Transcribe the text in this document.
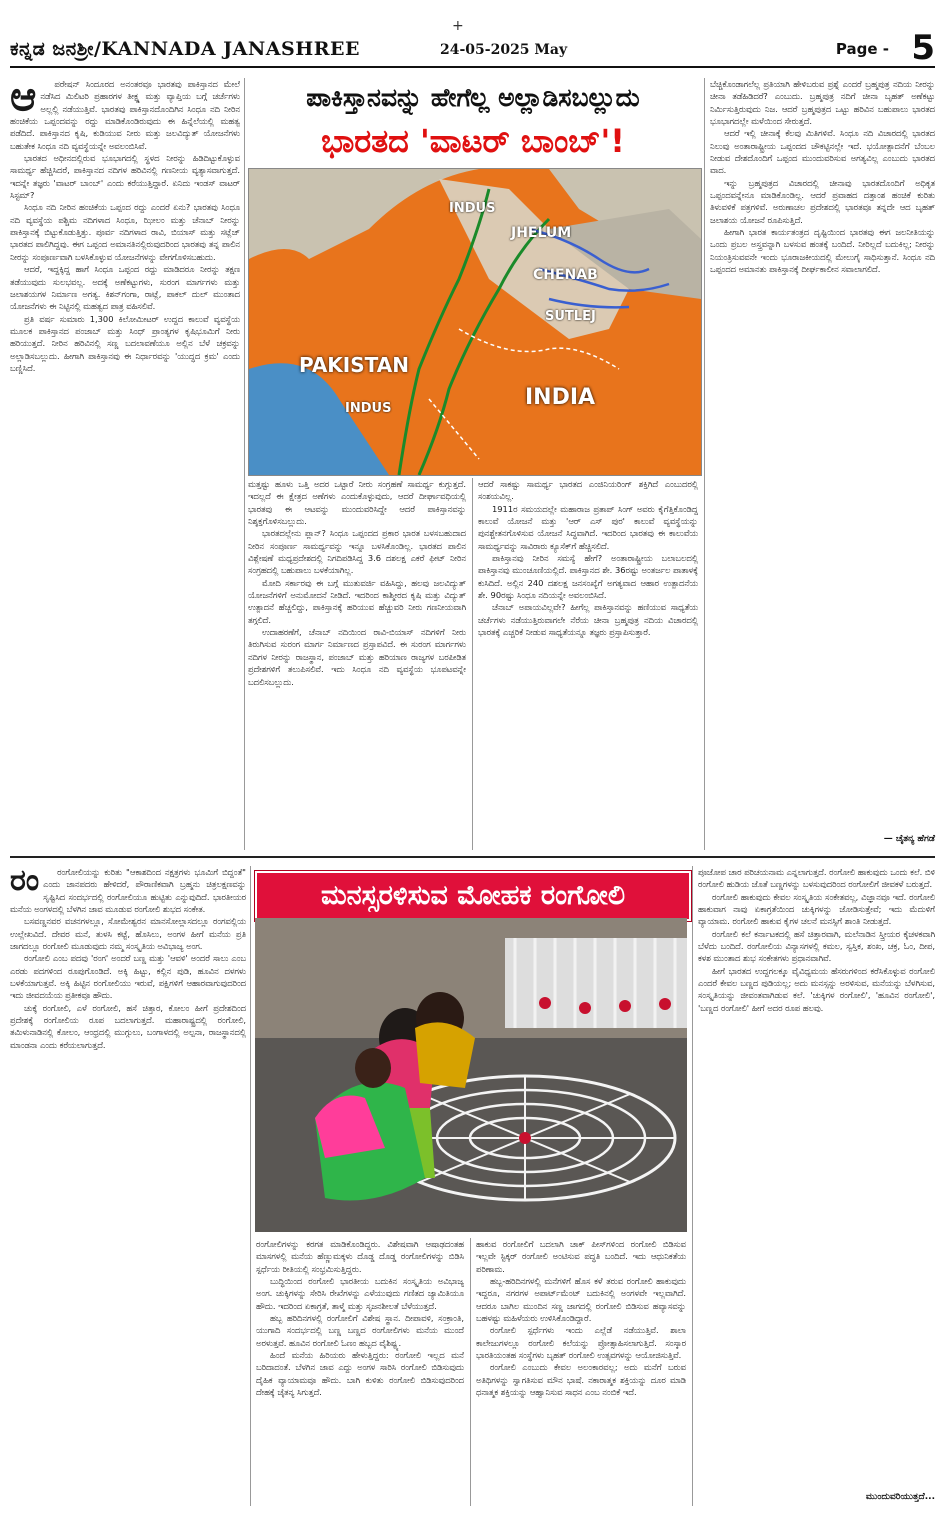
+
ಕನ್ನಡ ಜನಶ್ರೀ/KANNADA JANASHREE	24-05-2025 May	Page - 5
ಆ	ಪರೇಷನ್ ಸಿಂದೂರದ ಅನಂತರವೂ ಭಾರತವು ಪಾಕಿಸ್ತಾನದ ಮೇಲೆ ನಡೆಸಿದ ಮಿಲಿಟರಿ ಪ್ರಹಾರಗಳ ತೀಕ್ಷ್ಣ ಮತ್ತು ವ್ಯಾಪ್ತಿಯ ಬಗ್ಗೆ ಚರ್ಚೆಗಳು ಅಲ್ಲಲ್ಲಿ ನಡೆಯುತ್ತಿವೆ. ಭಾರತವು ಪಾಕಿಸ್ತಾನದೊಂದಿಗಿನ ಸಿಂಧೂ ನದಿ ನೀರಿನ ಹಂಚಿಕೆಯ ಒಪ್ಪಂದವನ್ನು ರದ್ದು ಮಾಡಿಕೊಂಡಿರುವುದು ಈ ಹಿನ್ನೆಲೆಯಲ್ಲಿ ಮಹತ್ವ ಪಡೆದಿದೆ. ಪಾಕಿಸ್ತಾನದ ಕೃಷಿ, ಕುಡಿಯುವ ನೀರು ಮತ್ತು ಜಲವಿದ್ಯುತ್ ಯೋಜನೆಗಳು ಬಹುತೇಕ ಸಿಂಧೂ ನದಿ ವ್ಯವಸ್ಥೆಯನ್ನೇ ಅವಲಂಬಿಸಿವೆ.

ಭಾರತದ ಅಧೀನದಲ್ಲಿರುವ ಭೂಭಾಗದಲ್ಲಿ ಸ್ಥಳದ ನೀರನ್ನು ಹಿಡಿದಿಟ್ಟುಕೊಳ್ಳುವ ಸಾಮರ್ಥ್ಯ ಹೆಚ್ಚಿಸಿದರೆ, ಪಾಕಿಸ್ತಾನದ ನದಿಗಳ ಹರಿವಿನಲ್ಲಿ ಗಣನೀಯ ವ್ಯತ್ಯಾಸವಾಗುತ್ತದೆ. ಇದನ್ನೇ ತಜ್ಞರು 'ವಾಟರ್ ಬಾಂಬ್' ಎಂದು ಕರೆಯುತ್ತಿದ್ದಾರೆ. ಏನಿದು ಇಂಡಸ್ ವಾಟರ್ ಸಿಸ್ಟಮ್?

ಸಿಂಧೂ ನದಿ ನೀರಿನ ಹಂಚಿಕೆಯ ಒಪ್ಪಂದ ರದ್ದು ಎಂದರೆ ಏನು? ಭಾರತವು ಸಿಂಧೂ ನದಿ ವ್ಯವಸ್ಥೆಯ ಪಶ್ಚಿಮ ನದಿಗಳಾದ ಸಿಂಧೂ, ಝೀಲಂ ಮತ್ತು ಚೆನಾಬ್ ನೀರನ್ನು ಪಾಕಿಸ್ತಾನಕ್ಕೆ ಬಿಟ್ಟುಕೊಡುತ್ತಿತ್ತು. ಪೂರ್ವ ನದಿಗಳಾದ ರಾವಿ, ಬಿಯಾಸ್ ಮತ್ತು ಸಟ್ಲೆಜ್ ಭಾರತದ ಪಾಲಿಗಿದ್ದವು. ಈಗ ಒಪ್ಪಂದ ಅಮಾನತಿನಲ್ಲಿರುವುದರಿಂದ ಭಾರತವು ತನ್ನ ಪಾಲಿನ ನೀರನ್ನು ಸಂಪೂರ್ಣವಾಗಿ ಬಳಸಿಕೊಳ್ಳುವ ಯೋಜನೆಗಳನ್ನು ವೇಗಗೊಳಿಸಬಹುದು.

ಆದರೆ, ಇದ್ದಕ್ಕಿದ್ದ ಹಾಗೆ ಸಿಂಧೂ ಒಪ್ಪಂದ ರದ್ದು ಮಾಡಿದರೂ ನೀರನ್ನು ತಕ್ಷಣ ತಡೆಯುವುದು ಸುಲಭವಲ್ಲ. ಅದಕ್ಕೆ ಅಣೆಕಟ್ಟುಗಳು, ಸುರಂಗ ಮಾರ್ಗಗಳು ಮತ್ತು ಜಲಾಶಯಗಳ ನಿರ್ಮಾಣ ಅಗತ್ಯ. ಕಿಶನ್‌ಗಂಗಾ, ರಾಟ್ಲೆ, ಪಾಕಲ್ ದುಲ್ ಮುಂತಾದ ಯೋಜನೆಗಳು ಈ ನಿಟ್ಟಿನಲ್ಲಿ ಮಹತ್ವದ ಪಾತ್ರ ವಹಿಸಲಿವೆ.

ಪ್ರತಿ ವರ್ಷ ಸುಮಾರು 1,300 ಕಿಲೋಮೀಟರ್ ಉದ್ದದ ಕಾಲುವೆ ವ್ಯವಸ್ಥೆಯ ಮೂಲಕ ಪಾಕಿಸ್ತಾನದ ಪಂಜಾಬ್ ಮತ್ತು ಸಿಂಧ್ ಪ್ರಾಂತ್ಯಗಳ ಕೃಷಿಭೂಮಿಗೆ ನೀರು ಹರಿಯುತ್ತದೆ. ನೀರಿನ ಹರಿವಿನಲ್ಲಿ ಸಣ್ಣ ಬದಲಾವಣೆಯೂ ಅಲ್ಲಿನ ಬೆಳೆ ಚಕ್ರವನ್ನು ಅಲ್ಲಾಡಿಸಬಲ್ಲುದು. ಹೀಗಾಗಿ ಪಾಕಿಸ್ತಾನವು ಈ ನಿರ್ಧಾರವನ್ನು 'ಯುದ್ಧದ ಕ್ರಮ' ಎಂದು ಬಣ್ಣಿಸಿದೆ.

ಪಾಕಿಸ್ತಾನವನ್ನು ಹೇಗೆಲ್ಲ ಅಲ್ಲಾಡಿಸಬಲ್ಲುದು
ಭಾರತದ 'ವಾಟರ್ ಬಾಂಬ್'!
INDUS
JHELUM
CHENAB
SUTLEJ
PAKISTAN
INDUS	INDIA

ಮತ್ತಷ್ಟು ಹೂಳು ಒತ್ತಿ ಅದರ ಒಟ್ಟಾರೆ ನೀರು ಸಂಗ್ರಹಣೆ ಸಾಮರ್ಥ್ಯ ಕುಗ್ಗುತ್ತದೆ. ಇದಲ್ಲದೆ ಈ ಕ್ಷೇತ್ರದ ಅಣೆಗಳು ಎಂದುಕೊಳ್ಳುವುದು, ಆದರೆ ದೀರ್ಘಾವಧಿಯಲ್ಲಿ ಭಾರತವು ಈ ಆಟವನ್ನು ಮುಂದುವರಿಸಿದ್ದೇ ಆದರೆ ಪಾಕಿಸ್ತಾನವನ್ನು ನಿಶ್ಶಕ್ತಗೊಳಿಸಬಲ್ಲುದು.

ಭಾರತದಲ್ಲೇನು ಪ್ಲಾನ್? ಸಿಂಧೂ ಒಪ್ಪಂದದ ಪ್ರಕಾರ ಭಾರತ ಬಳಸಬಹುದಾದ ನೀರಿನ ಸಂಪೂರ್ಣ ಸಾಮರ್ಥ್ಯವನ್ನು ಇನ್ನೂ ಬಳಸಿಕೊಂಡಿಲ್ಲ. ಭಾರತದ ಪಾಲಿನ ವಿಶ್ಲೇಷಣೆ ಮಧ್ಯಪ್ರದೇಶದಲ್ಲಿ ನಿಗದಿಪಡಿಸಿದ್ದ 3.6 ದಶಲಕ್ಷ ಎಕರೆ ಫೀಟ್ ನೀರಿನ ಸಂಗ್ರಹದಲ್ಲಿ ಬಹುಪಾಲು ಬಳಕೆಯಾಗಿಲ್ಲ.

ಮೋದಿ ಸರ್ಕಾರವು ಈ ಬಗ್ಗೆ ಮುತುವರ್ಜಿ ವಹಿಸಿದ್ದು, ಹಲವು ಜಲವಿದ್ಯುತ್ ಯೋಜನೆಗಳಿಗೆ ಅನುಮೋದನೆ ನೀಡಿದೆ. ಇದರಿಂದ ಕಾಶ್ಮೀರದ ಕೃಷಿ ಮತ್ತು ವಿದ್ಯುತ್ ಉತ್ಪಾದನೆ ಹೆಚ್ಚಲಿದ್ದು, ಪಾಕಿಸ್ತಾನಕ್ಕೆ ಹರಿಯುವ ಹೆಚ್ಚುವರಿ ನೀರು ಗಣನೀಯವಾಗಿ ತಗ್ಗಲಿದೆ.

ಉದಾಹರಣೆಗೆ, ಚೆನಾಬ್ ನದಿಯಿಂದ ರಾವಿ-ಬಿಯಾಸ್ ನದಿಗಳಿಗೆ ನೀರು ತಿರುಗಿಸುವ ಸುರಂಗ ಮಾರ್ಗ ನಿರ್ಮಾಣದ ಪ್ರಸ್ತಾಪವಿದೆ. ಈ ಸುರಂಗ ಮಾರ್ಗಗಳು ನದಿಗಳ ನೀರನ್ನು ರಾಜಸ್ಥಾನ, ಪಂಜಾಬ್ ಮತ್ತು ಹರಿಯಾಣ ರಾಜ್ಯಗಳ ಬರಪೀಡಿತ ಪ್ರದೇಶಗಳಿಗೆ ತಲುಪಿಸಲಿವೆ. ಇದು ಸಿಂಧೂ ನದಿ ವ್ಯವಸ್ಥೆಯ ಭೂಪಟವನ್ನೇ ಬದಲಿಸಬಲ್ಲುದು.

ಆದರೆ ಸಾಕಷ್ಟು ಸಾಮರ್ಥ್ಯ ಭಾರತದ ಎಂಜಿನಿಯರಿಂಗ್ ಶಕ್ತಿಗಿದೆ ಎಂಬುದರಲ್ಲಿ ಸಂಶಯವಿಲ್ಲ.

1911ರ ಸಮಯದಲ್ಲೇ ಮಹಾರಾಜ ಪ್ರತಾಪ್ ಸಿಂಗ್ ಅವರು ಕೈಗೆತ್ತಿಕೊಂಡಿದ್ದ ಕಾಲುವೆ ಯೋಜನೆ ಮತ್ತು 'ಆರ್ ಎಸ್ ಪುರ' ಕಾಲುವೆ ವ್ಯವಸ್ಥೆಯನ್ನು ಪುನಶ್ಚೇತನಗೊಳಿಸುವ ಯೋಜನೆ ಸಿದ್ಧವಾಗಿದೆ. ಇದರಿಂದ ಭಾರತವು ಈ ಕಾಲುವೆಯ ಸಾಮರ್ಥ್ಯವನ್ನು ಸಾವಿರಾರು ಕ್ಯೂಸೆಕ್‌ಗೆ ಹೆಚ್ಚಿಸಲಿದೆ.

ಪಾಕಿಸ್ತಾನವು ನೀರಿನ ಸಮಸ್ಯೆ ಹೇಗೆ? ಅಂತಾರಾಷ್ಟ್ರೀಯ ಬಲಾಬಲದಲ್ಲಿ ಪಾಕಿಸ್ತಾನವು ಮುಂಚೂಣಿಯಲ್ಲಿದೆ. ಪಾಕಿಸ್ತಾನದ ಶೇ. 36ರಷ್ಟು ಅಂತರ್ಜಲ ಪಾತಾಳಕ್ಕೆ ಕುಸಿದಿದೆ. ಅಲ್ಲಿನ 240 ದಶಲಕ್ಷ ಜನಸಂಖ್ಯೆಗೆ ಅಗತ್ಯವಾದ ಆಹಾರ ಉತ್ಪಾದನೆಯ ಶೇ. 90ರಷ್ಟು ಸಿಂಧೂ ನದಿಯನ್ನೇ ಅವಲಂಬಿಸಿದೆ.

ಚೆನಾಬ್ ಅಪಾಯವಿಲ್ಲವೇ? ಹೀಗೆಲ್ಲ ಪಾಕಿಸ್ತಾನವನ್ನು ಹಣಿಯುವ ಸಾಧ್ಯತೆಯ ಚರ್ಚೆಗಳು ನಡೆಯುತ್ತಿರುವಾಗಲೇ ನೆರೆಯ ಚೀನಾ ಬ್ರಹ್ಮಪುತ್ರ ನದಿಯ ವಿಚಾರದಲ್ಲಿ ಭಾರತಕ್ಕೆ ಎಚ್ಚರಿಕೆ ನೀಡುವ ಸಾಧ್ಯತೆಯನ್ನೂ ತಜ್ಞರು ಪ್ರಸ್ತಾಪಿಸುತ್ತಾರೆ.

ಬೆಚ್ಚಿಕೊಂಡಾಗಲೆಲ್ಲ ಪ್ರತಿಯಾಗಿ ಹೇಳಿಬರುವ ಪ್ರಶ್ನೆ ಎಂದರೆ ಬ್ರಹ್ಮಪುತ್ರ ನದಿಯ ನೀರನ್ನು ಚೀನಾ ತಡೆಹಿಡಿದರೆ? ಎಂಬುದು. ಬ್ರಹ್ಮಪುತ್ರ ನದಿಗೆ ಚೀನಾ ಬೃಹತ್ ಅಣೆಕಟ್ಟು ನಿರ್ಮಿಸುತ್ತಿರುವುದು ನಿಜ. ಆದರೆ ಬ್ರಹ್ಮಪುತ್ರದ ಒಟ್ಟು ಹರಿವಿನ ಬಹುಪಾಲು ಭಾರತದ ಭೂಭಾಗದಲ್ಲೇ ಮಳೆಯಿಂದ ಸೇರುತ್ತದೆ.

ಆದರೆ ಇಲ್ಲಿ ಚೀನಾಕ್ಕೆ ಕೆಲವು ಮಿತಿಗಳಿವೆ. ಸಿಂಧೂ ನದಿ ವಿಚಾರದಲ್ಲಿ ಭಾರತದ ನಿಲುವು ಅಂತಾರಾಷ್ಟ್ರೀಯ ಒಪ್ಪಂದದ ಚೌಕಟ್ಟಿನಲ್ಲೇ ಇದೆ. ಭಯೋತ್ಪಾದನೆಗೆ ಬೆಂಬಲ ನೀಡುವ ದೇಶದೊಂದಿಗೆ ಒಪ್ಪಂದ ಮುಂದುವರಿಸುವ ಅಗತ್ಯವಿಲ್ಲ ಎಂಬುದು ಭಾರತದ ವಾದ.

ಇನ್ನು ಬ್ರಹ್ಮಪುತ್ರದ ವಿಚಾರದಲ್ಲಿ ಚೀನಾವು ಭಾರತದೊಂದಿಗೆ ಅಧಿಕೃತ ಒಪ್ಪಂದವನ್ನೇನೂ ಮಾಡಿಕೊಂಡಿಲ್ಲ. ಆದರೆ ಪ್ರವಾಹದ ದತ್ತಾಂಶ ಹಂಚಿಕೆ ಕುರಿತು ತಿಳುವಳಿಕೆ ಪತ್ರಗಳಿವೆ. ಅರುಣಾಚಲ ಪ್ರದೇಶದಲ್ಲಿ ಭಾರತವೂ ತನ್ನದೇ ಆದ ಬೃಹತ್ ಜಲಾಶಯ ಯೋಜನೆ ರೂಪಿಸುತ್ತಿದೆ.

ಹೀಗಾಗಿ ಭಾರತ ಕಾರ್ಯತಂತ್ರದ ದೃಷ್ಟಿಯಿಂದ ಭಾರತವು ಈಗ ಜಲನೀತಿಯನ್ನು ಒಂದು ಪ್ರಬಲ ಅಸ್ತ್ರವನ್ನಾಗಿ ಬಳಸುವ ಹಂತಕ್ಕೆ ಬಂದಿದೆ. ನೀರಿಲ್ಲದೆ ಬದುಕಿಲ್ಲ; ನೀರನ್ನು ನಿಯಂತ್ರಿಸುವವನೇ ಇಂದು ಭೂರಾಜಕೀಯದಲ್ಲಿ ಮೇಲುಗೈ ಸಾಧಿಸುತ್ತಾನೆ. ಸಿಂಧೂ ನದಿ ಒಪ್ಪಂದದ ಅಮಾನತು ಪಾಕಿಸ್ತಾನಕ್ಕೆ ದೀರ್ಘಕಾಲೀನ ಸವಾಲಾಗಲಿದೆ.

— ಚೈತನ್ಯ ಹೆಗಡೆ
ರಂ	ರಂಗೋಲಿಯನ್ನು ಕುರಿತು "ಆಕಾಶದಿಂದ ನಕ್ಷತ್ರಗಳು ಭೂಮಿಗೆ ಬಿದ್ದಂತೆ" ಎಂದು ಜಾನಪದರು ಹೇಳಿದರೆ, ಪೌರಾಣಿಕವಾಗಿ ಬ್ರಹ್ಮನು ಚಿತ್ರಲಕ್ಷಣವನ್ನು ಸೃಷ್ಟಿಸಿದ ಸಂದರ್ಭದಲ್ಲಿ ರಂಗೋಲಿಯೂ ಹುಟ್ಟಿತು ಎನ್ನುವುದಿದೆ. ಭಾರತೀಯರ ಮನೆಯ ಅಂಗಳದಲ್ಲಿ ಬೆಳಗಿನ ಜಾವ ಮೂಡುವ ರಂಗೋಲಿ ಶುಭದ ಸಂಕೇತ.

ಬಸವಣ್ಣನವರ ವಚನಗಳಲ್ಲೂ, ಸೋಮೇಶ್ವರನ ಮಾನಸೋಲ್ಲಾಸದಲ್ಲೂ ರಂಗವಲ್ಲಿಯ ಉಲ್ಲೇಖವಿದೆ. ದೇವರ ಮನೆ, ತುಳಸಿ ಕಟ್ಟೆ, ಹೊಸಿಲು, ಅಂಗಳ ಹೀಗೆ ಮನೆಯ ಪ್ರತಿ ಜಾಗದಲ್ಲೂ ರಂಗೋಲಿ ಮೂಡುವುದು ನಮ್ಮ ಸಂಸ್ಕೃತಿಯ ಅವಿಭಾಜ್ಯ ಅಂಗ.

ರಂಗೋಲಿ ಎಂಬ ಪದವು 'ರಂಗ' ಅಂದರೆ ಬಣ್ಣ ಮತ್ತು 'ಆವಳಿ' ಅಂದರೆ ಸಾಲು ಎಂಬ ಎರಡು ಪದಗಳಿಂದ ರೂಪುಗೊಂಡಿದೆ. ಅಕ್ಕಿ ಹಿಟ್ಟು, ಕಲ್ಲಿನ ಪುಡಿ, ಹೂವಿನ ದಳಗಳು ಬಳಕೆಯಾಗುತ್ತವೆ. ಅಕ್ಕಿ ಹಿಟ್ಟಿನ ರಂಗೋಲಿಯು ಇರುವೆ, ಪಕ್ಷಿಗಳಿಗೆ ಆಹಾರವಾಗುವುದರಿಂದ ಇದು ಜೀವದಯೆಯ ಪ್ರತೀಕವೂ ಹೌದು.

ಚುಕ್ಕೆ ರಂಗೋಲಿ, ಎಳೆ ರಂಗೋಲಿ, ಹಸೆ ಚಿತ್ತಾರ, ಕೋಲಂ ಹೀಗೆ ಪ್ರದೇಶದಿಂದ ಪ್ರದೇಶಕ್ಕೆ ರಂಗೋಲಿಯ ರೂಪ ಬದಲಾಗುತ್ತದೆ. ಮಹಾರಾಷ್ಟ್ರದಲ್ಲಿ ರಂಗೋಲಿ, ತಮಿಳುನಾಡಿನಲ್ಲಿ ಕೋಲಂ, ಆಂಧ್ರದಲ್ಲಿ ಮುಗ್ಗುಲು, ಬಂಗಾಳದಲ್ಲಿ ಅಲ್ಪನಾ, ರಾಜಸ್ಥಾನದಲ್ಲಿ ಮಾಂಡನಾ ಎಂದು ಕರೆಯಲಾಗುತ್ತದೆ.

ಮನಸ್ಸರಳಿಸುವ ಮೋಹಕ ರಂಗೋಲಿ

ರಂಗೋಲಿಗಳನ್ನು ಕರಗತ ಮಾಡಿಕೊಂಡಿದ್ದರು. ವಿಶೇಷವಾಗಿ ಆಷಾಢದಂತಹ ಮಾಸಗಳಲ್ಲಿ ಮನೆಯ ಹೆಣ್ಣುಮಕ್ಕಳು ದೊಡ್ಡ ದೊಡ್ಡ ರಂಗೋಲಿಗಳನ್ನು ಬಿಡಿಸಿ ಸ್ಪರ್ಧೆಯ ರೀತಿಯಲ್ಲಿ ಸಂಭ್ರಮಿಸುತ್ತಿದ್ದರು.

ಬುದ್ಧಿಯಿಂದ ರಂಗೋಲಿ ಭಾರತೀಯ ಬದುಕಿನ ಸಂಸ್ಕೃತಿಯ ಅವಿಭಾಜ್ಯ ಅಂಗ. ಚುಕ್ಕಿಗಳನ್ನು ಸೇರಿಸಿ ರೇಖೆಗಳನ್ನು ಎಳೆಯುವುದು ಗಣಿತದ ಜ್ಯಾಮಿತಿಯೂ ಹೌದು. ಇದರಿಂದ ಏಕಾಗ್ರತೆ, ತಾಳ್ಮೆ ಮತ್ತು ಸೃಜನಶೀಲತೆ ಬೆಳೆಯುತ್ತದೆ.

ಹಬ್ಬ ಹರಿದಿನಗಳಲ್ಲಿ ರಂಗೋಲಿಗೆ ವಿಶೇಷ ಸ್ಥಾನ. ದೀಪಾವಳಿ, ಸಂಕ್ರಾಂತಿ, ಯುಗಾದಿ ಸಂದರ್ಭದಲ್ಲಿ ಬಣ್ಣ ಬಣ್ಣದ ರಂಗೋಲಿಗಳು ಮನೆಯ ಮುಂದೆ ಅರಳುತ್ತವೆ. ಹೂವಿನ ರಂಗೋಲಿ ಓಣಂ ಹಬ್ಬದ ವೈಶಿಷ್ಟ್ಯ.

ಹಿಂದೆ ಮನೆಯ ಹಿರಿಯರು ಹೇಳುತ್ತಿದ್ದರು: ರಂಗೋಲಿ ಇಲ್ಲದ ಮನೆ ಬರಿದಾದಂತೆ. ಬೆಳಗಿನ ಜಾವ ಎದ್ದು ಅಂಗಳ ಸಾರಿಸಿ ರಂಗೋಲಿ ಬಿಡಿಸುವುದು ದೈಹಿಕ ವ್ಯಾಯಾಮವೂ ಹೌದು. ಬಾಗಿ ಕುಳಿತು ರಂಗೋಲಿ ಬಿಡಿಸುವುದರಿಂದ ದೇಹಕ್ಕೆ ಚೈತನ್ಯ ಸಿಗುತ್ತದೆ.

ಹಾಕುವ ರಂಗೋಲಿಗೆ ಬದಲಾಗಿ ಚಾಕ್ ಪೀಸ್‌ಗಳಿಂದ ರಂಗೋಲಿ ಬಿಡಿಸುವ ಇಲ್ಲವೇ ಸ್ಟಿಕ್ಕರ್ ರಂಗೋಲಿ ಅಂಟಿಸುವ ಪದ್ಧತಿ ಬಂದಿದೆ. ಇದು ಆಧುನಿಕತೆಯ ಪರಿಣಾಮ.

ಹಬ್ಬ-ಹರಿದಿನಗಳಲ್ಲಿ ಮನೆಗಳಿಗೆ ಹೊಸ ಕಳೆ ತರುವ ರಂಗೋಲಿ ಹಾಕುವುದು ಇದ್ದರೂ, ನಗರಗಳ ಅಪಾರ್ಟ್‌ಮೆಂಟ್ ಬದುಕಿನಲ್ಲಿ ಅಂಗಳವೇ ಇಲ್ಲವಾಗಿದೆ. ಆದರೂ ಬಾಗಿಲ ಮುಂದಿನ ಸಣ್ಣ ಜಾಗದಲ್ಲಿ ರಂಗೋಲಿ ಬಿಡಿಸುವ ಹವ್ಯಾಸವನ್ನು ಬಹಳಷ್ಟು ಮಹಿಳೆಯರು ಉಳಿಸಿಕೊಂಡಿದ್ದಾರೆ.

ರಂಗೋಲಿ ಸ್ಪರ್ಧೆಗಳು ಇಂದು ಎಲ್ಲೆಡೆ ನಡೆಯುತ್ತಿವೆ. ಶಾಲಾ ಕಾಲೇಜುಗಳಲ್ಲೂ ರಂಗೋಲಿ ಕಲೆಯನ್ನು ಪ್ರೋತ್ಸಾಹಿಸಲಾಗುತ್ತಿದೆ. ಸಂಸ್ಕಾರ ಭಾರತಿಯಂತಹ ಸಂಸ್ಥೆಗಳು ಬೃಹತ್ ರಂಗೋಲಿ ಉತ್ಸವಗಳನ್ನು ಆಯೋಜಿಸುತ್ತಿವೆ.

ರಂಗೋಲಿ ಎಂಬುದು ಕೇವಲ ಅಲಂಕಾರವಲ್ಲ; ಅದು ಮನೆಗೆ ಬರುವ ಅತಿಥಿಗಳನ್ನು ಸ್ವಾಗತಿಸುವ ಮೌನ ಭಾಷೆ. ನಕಾರಾತ್ಮಕ ಶಕ್ತಿಯನ್ನು ದೂರ ಮಾಡಿ ಧನಾತ್ಮಕ ಶಕ್ತಿಯನ್ನು ಆಹ್ವಾನಿಸುವ ಸಾಧನ ಎಂಬ ನಂಬಿಕೆ ಇದೆ.

ಪೂಜೋಪ ಚಾರ ಪರಿಚಯನಾಮ ಎನ್ನಲಾಗುತ್ತದೆ. ರಂಗೋಲಿ ಹಾಕುವುದು ಒಂದು ಕಲೆ. ಬಿಳಿ ರಂಗೋಲಿ ಹುಡಿಯ ಜೊತೆ ಬಣ್ಣಗಳನ್ನು ಬಳಸುವುದರಿಂದ ರಂಗೋಲಿಗೆ ಜೀವಕಳೆ ಬರುತ್ತದೆ.

ರಂಗೋಲಿ ಹಾಕುವುದು ಕೇವಲ ಸಂಸ್ಕೃತಿಯ ಸಂಕೇತವಲ್ಲ, ವಿಜ್ಞಾನವೂ ಇದೆ. ರಂಗೋಲಿ ಹಾಕುವಾಗ ನಾವು ಏಕಾಗ್ರತೆಯಿಂದ ಚುಕ್ಕಿಗಳನ್ನು ಜೋಡಿಸುತ್ತೇವೆ; ಇದು ಮೆದುಳಿಗೆ ವ್ಯಾಯಾಮ. ರಂಗೋಲಿ ಹಾಕುವ ಕೈಗಳ ಚಲನೆ ಮನಸ್ಸಿಗೆ ಶಾಂತಿ ನೀಡುತ್ತದೆ.

ರಂಗೋಲಿ ಕಲೆ ಕರ್ನಾಟಕದಲ್ಲಿ ಹಸೆ ಚಿತ್ತಾರವಾಗಿ, ಮಲೆನಾಡಿನ ಸ್ತ್ರೀಯರ ಕೈಚಳಕವಾಗಿ ಬೆಳೆದು ಬಂದಿದೆ. ರಂಗೋಲಿಯ ವಿನ್ಯಾಸಗಳಲ್ಲಿ ಕಮಲ, ಸ್ವಸ್ತಿಕ, ಶಂಖ, ಚಕ್ರ, ಓಂ, ದೀಪ, ಕಳಶ ಮುಂತಾದ ಶುಭ ಸಂಕೇತಗಳು ಪ್ರಧಾನವಾಗಿವೆ.

ಹೀಗೆ ಭಾರತದ ಉದ್ದಗಲಕ್ಕೂ ವೈವಿಧ್ಯಮಯ ಹೆಸರುಗಳಿಂದ ಕರೆಸಿಕೊಳ್ಳುವ ರಂಗೋಲಿ ಎಂದರೆ ಕೇವಲ ಬಣ್ಣದ ಪುಡಿಯಲ್ಲ; ಅದು ಮನಸ್ಸನ್ನು ಅರಳಿಸುವ, ಮನೆಯನ್ನು ಬೆಳಗಿಸುವ, ಸಂಸ್ಕೃತಿಯನ್ನು ಜೀವಂತವಾಗಿಡುವ ಕಲೆ. 'ಚುಕ್ಕಿಗಳ ರಂಗೋಲಿ', 'ಹೂವಿನ ರಂಗೋಲಿ', 'ಬಣ್ಣದ ರಂಗೋಲಿ' ಹೀಗೆ ಅದರ ರೂಪ ಹಲವು.

ಮುಂದುವರಿಯುತ್ತದೆ...
